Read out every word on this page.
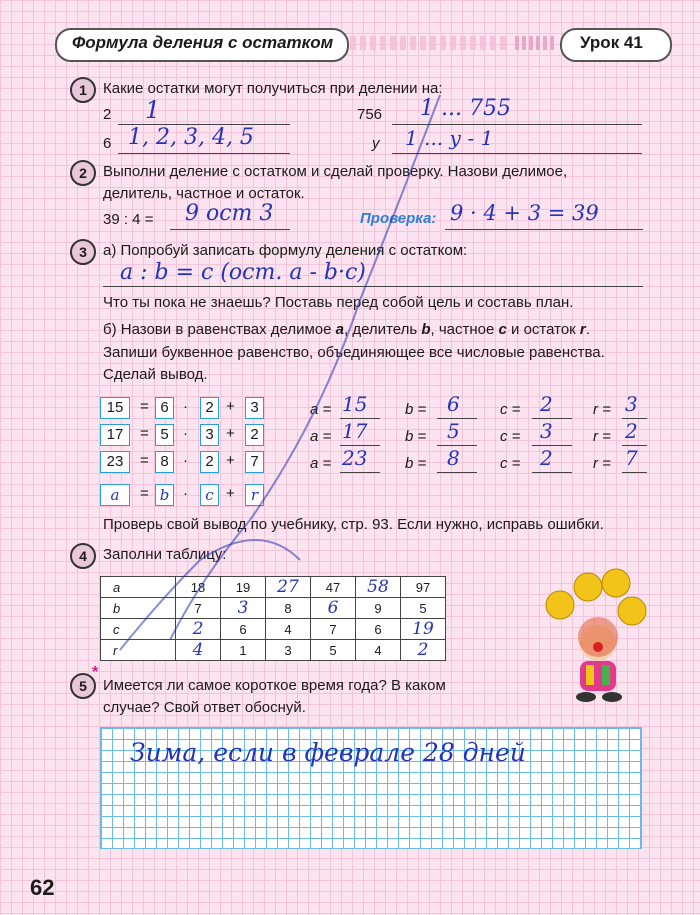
Формула деления с остатком	Урок 41
1	Какие остатки могут получиться при делении на:
2 1
6 1, 2, 3, 4, 5
756 1 ... 755
у 1 ... у - 1
2	Выполни деление с остатком и сделай проверку. Назови делимое,
делитель, частное и остаток.
39 : 4 = 9 ост 3	Проверка: 9 · 4 + 3 = 39
3	а) Попробуй записать формулу деления с остатком:
a : b = c (ост. a - b·c)
Что ты пока не знаешь? Поставь перед собой цель и составь план.
б) Назови в равенствах делимое a, делитель b, частное c и остаток r.
Запиши буквенное равенство, объединяющее все числовые равенства.
Сделай вывод.
15	= 6 ·	2 +	3
17	= 5 ·	3 +	2
23	= 8 ·	2 +	7
a	= b ·	c +	r
a = 15	b = 6	c = 2	r = 3
a = 17	b = 5	c = 3	r = 2
a = 23	b = 8	c = 2	r = 7
Проверь свой вывод по учебнику, стр. 93. Если нужно, исправь ошибки.
4	Заполни таблицу:
a	18	19	27	47	58	97
b	7	3	8	6	9	5
c	2	6	4	7	6	19
r	4	1	3	5	4	2
5
*
Имеется ли самое короткое время года? В каком
случае? Свой ответ обоснуй.
Зима, если в феврале 28 дней
62
